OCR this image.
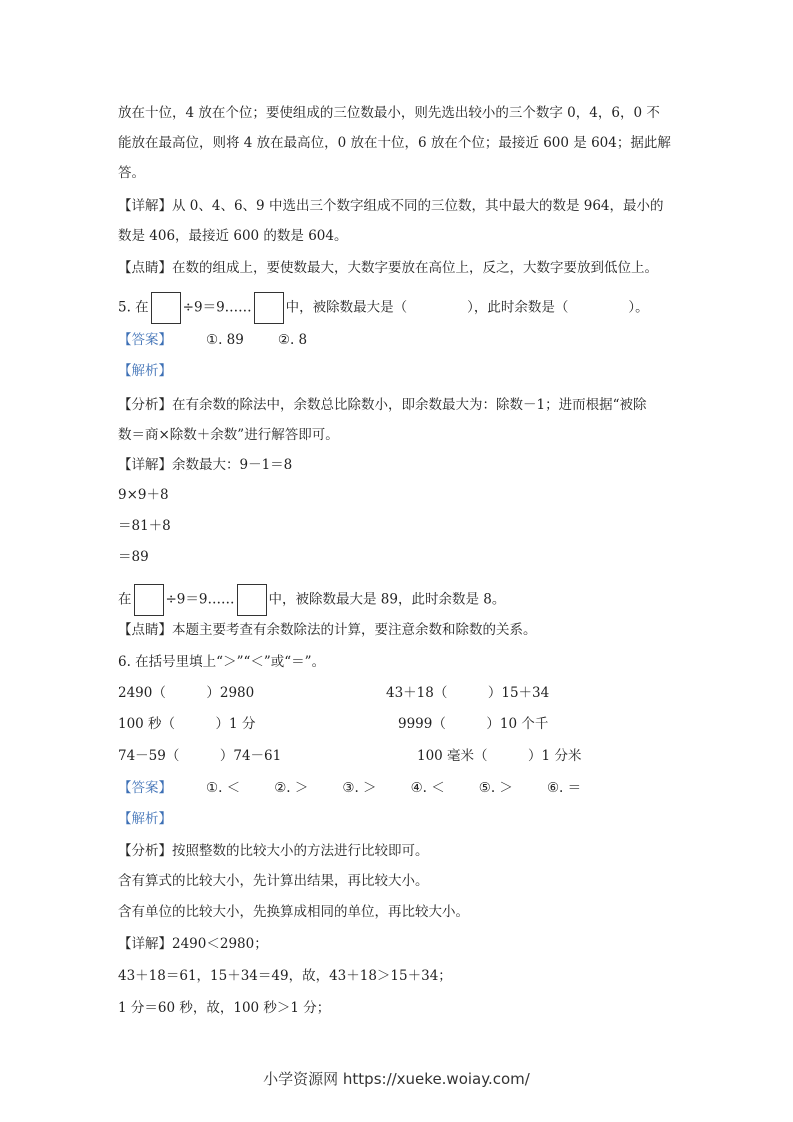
放在十位，4 放在个位；要使组成的三位数最小，则先选出较小的三个数字 0，4，6，0 不
能放在最高位，则将 4 放在最高位，0 放在十位，6 放在个位；最接近 600 是 604；据此解
答。
【详解】从 0、4、6、9 中选出三个数字组成不同的三位数，其中最大的数是 964，最小的
数是 406，最接近 600 的数是 604。
【点睛】在数的组成上，要使数最大，大数字要放在高位上，反之，大数字要放到低位上。
5. 在	÷9＝9……	中，被除数最大是（	），此时余数是（	）。
【答案】	①. 89	②. 8
【解析】
【分析】在有余数的除法中，余数总比除数小，即余数最大为：除数－1；进而根据“被除
数＝商×除数＋余数”进行解答即可。
【详解】余数最大：9－1＝8
9×9＋8
＝81＋8
＝89
在	÷9＝9……	中，被除数最大是 89，此时余数是 8。
【点睛】本题主要考查有余数除法的计算，要注意余数和除数的关系。
6. 在括号里填上“＞”“＜”或“＝”。
2490（　　　）2980	43＋18（　　　）15＋34
100 秒（　　　）1 分	9999（　　　）10 个千
74－59（　　　）74－61	100 毫米（　　　）1 分米
【答案】	①. ＜	②. ＞	③. ＞	④. ＜	⑤. ＞	⑥. ＝
【解析】
【分析】按照整数的比较大小的方法进行比较即可。
含有算式的比较大小，先计算出结果，再比较大小。
含有单位的比较大小，先换算成相同的单位，再比较大小。
【详解】2490＜2980；
43＋18＝61，15＋34＝49，故，43＋18＞15＋34；
1 分＝60 秒，故，100 秒＞1 分；
小学资源网 https://xueke.woiay.com/
